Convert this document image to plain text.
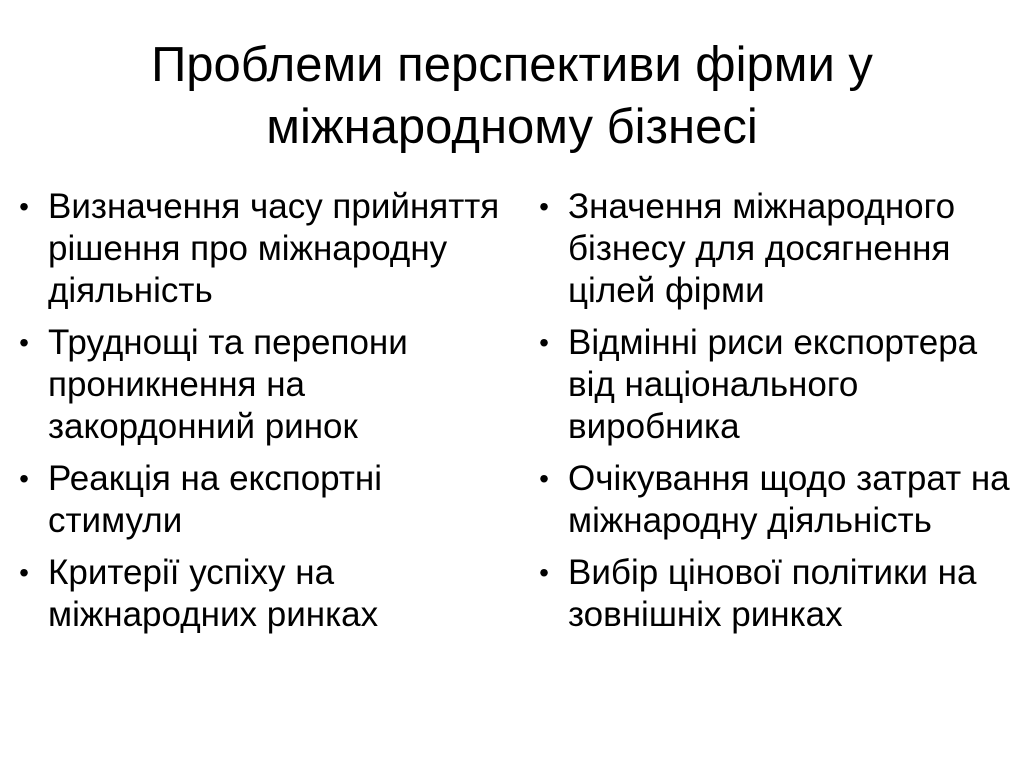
Проблеми перспективи фірми у
міжнародному бізнесі
• Визначення часу прийняття рішення про міжнародну діяльність
• Труднощі та перепони проникнення на закордонний ринок
• Реакція на експортні стимули
• Критерії успіху на міжнародних ринках
• Значення міжнародного бізнесу для досягнення цілей фірми
• Відмінні риси експортера від національного виробника
• Очікування щодо затрат на міжнародну діяльність
• Вибір цінової політики на зовнішніх ринках
